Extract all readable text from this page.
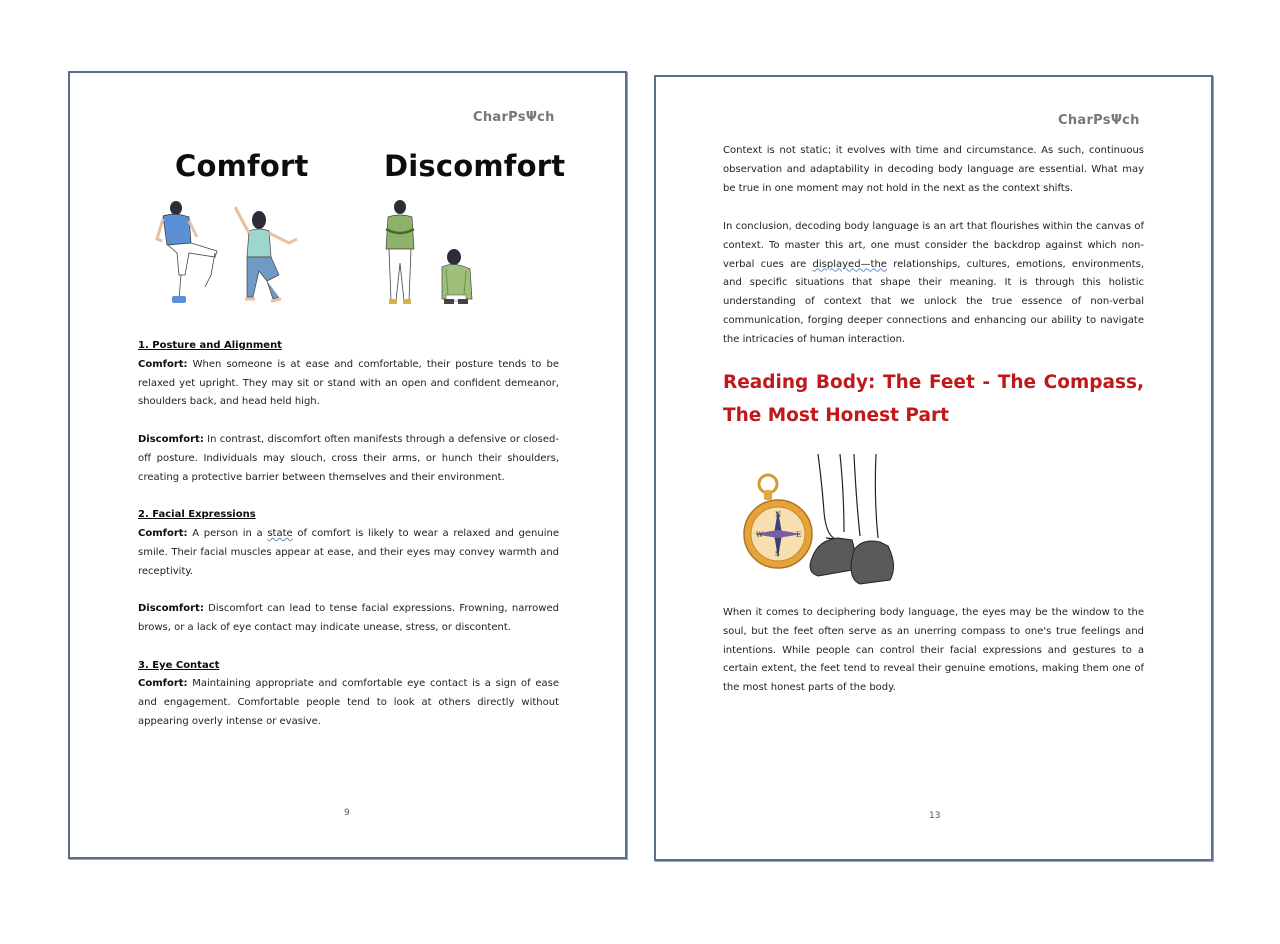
CharPsΨch
Comfort	Discomfort
1. Posture and Alignment
Comfort: When someone is at ease and comfortable, their posture tends to be relaxed yet upright. They may sit or stand with an open and confident demeanor, shoulders back, and head held high.
Discomfort: In contrast, discomfort often manifests through a defensive or closed-off posture. Individuals may slouch, cross their arms, or hunch their shoulders, creating a protective barrier between themselves and their environment.
2. Facial Expressions
Comfort: A person in a state of comfort is likely to wear a relaxed and genuine smile. Their facial muscles appear at ease, and their eyes may convey warmth and receptivity.
Discomfort: Discomfort can lead to tense facial expressions. Frowning, narrowed brows, or a lack of eye contact may indicate unease, stress, or discontent.
3. Eye Contact
Comfort: Maintaining appropriate and comfortable eye contact is a sign of ease and engagement. Comfortable people tend to look at others directly without appearing overly intense or evasive.
9
CharPsΨch
Context is not static; it evolves with time and circumstance. As such, continuous observation and adaptability in decoding body language are essential. What may be true in one moment may not hold in the next as the context shifts.
In conclusion, decoding body language is an art that flourishes within the canvas of context. To master this art, one must consider the backdrop against which non-verbal cues are displayed—the relationships, cultures, emotions, environments, and specific situations that shape their meaning. It is through this holistic understanding of context that we unlock the true essence of non-verbal communication, forging deeper connections and enhancing our ability to navigate the intricacies of human interaction.
Reading Body: The Feet - The Compass, The Most Honest Part
N
S
W	E
When it comes to deciphering body language, the eyes may be the window to the soul, but the feet often serve as an unerring compass to one's true feelings and intentions. While people can control their facial expressions and gestures to a certain extent, the feet tend to reveal their genuine emotions, making them one of the most honest parts of the body.
13
